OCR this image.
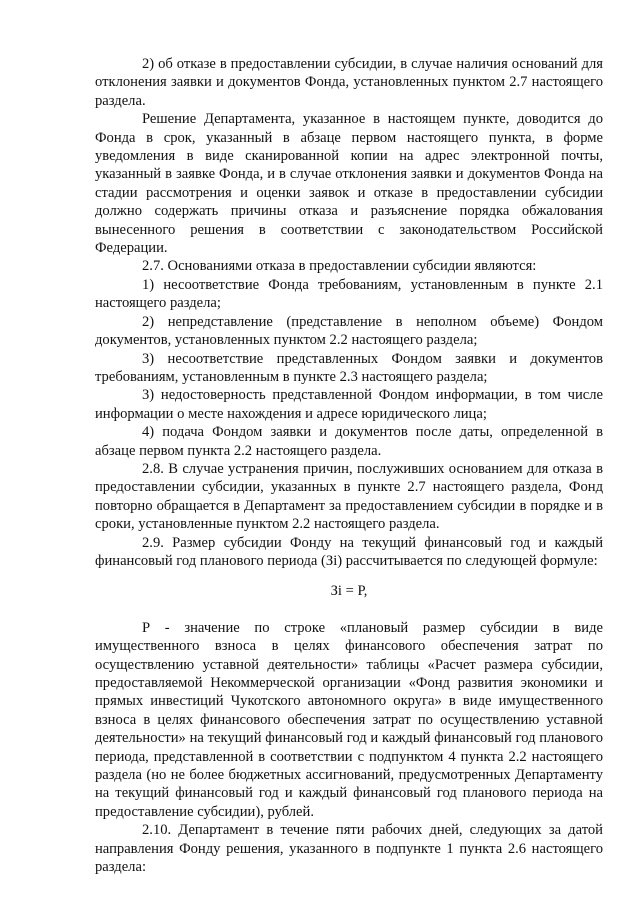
2) об отказе в предоставлении субсидии, в случае наличия оснований для отклонения заявки и документов Фонда, установленных пунктом 2.7 настоящего раздела.

Решение Департамента, указанное в настоящем пункте, доводится до Фонда в срок, указанный в абзаце первом настоящего пункта, в форме уведомления в виде сканированной копии на адрес электронной почты, указанный в заявке Фонда, и в случае отклонения заявки и документов Фонда на стадии рассмотрения и оценки заявок и отказе в предоставлении субсидии должно содержать причины отказа и разъяснение порядка обжалования вынесенного решения в соответствии с законодательством Российской Федерации.

2.7. Основаниями отказа в предоставлении субсидии являются:

1) несоответствие Фонда требованиям, установленным в пункте 2.1 настоящего раздела;

2) непредставление (представление в неполном объеме) Фондом документов, установленных пунктом 2.2 настоящего раздела;

3) несоответствие представленных Фондом заявки и документов требованиям, установленным в пункте 2.3 настоящего раздела;

3) недостоверность представленной Фондом информации, в том числе информации о месте нахождения и адресе юридического лица;

4) подача Фондом заявки и документов после даты, определенной в абзаце первом пункта 2.2 настоящего раздела.

2.8. В случае устранения причин, послуживших основанием для отказа в предоставлении субсидии, указанных в пункте 2.7 настоящего раздела, Фонд повторно обращается в Департамент за предоставлением субсидии в порядке и в сроки, установленные пунктом 2.2 настоящего раздела.

2.9. Размер субсидии Фонду на текущий финансовый год и каждый финансовый год планового периода (Зi) рассчитывается по следующей формуле:

Зi = Р,

Р - значение по строке «плановый размер субсидии в виде имущественного взноса в целях финансового обеспечения затрат по осуществлению уставной деятельности» таблицы «Расчет размера субсидии, предоставляемой Некоммерческой организации «Фонд развития экономики и прямых инвестиций Чукотского автономного округа» в виде имущественного взноса в целях финансового обеспечения затрат по осуществлению уставной деятельности» на текущий финансовый год и каждый финансовый год планового периода, представленной в соответствии с подпунктом 4 пункта 2.2 настоящего раздела (но не более бюджетных ассигнований, предусмотренных Департаменту на текущий финансовый год и каждый финансовый год планового периода на предоставление субсидии), рублей.

2.10. Департамент в течение пяти рабочих дней, следующих за датой направления Фонду решения, указанного в подпункте 1 пункта 2.6 настоящего раздела:
